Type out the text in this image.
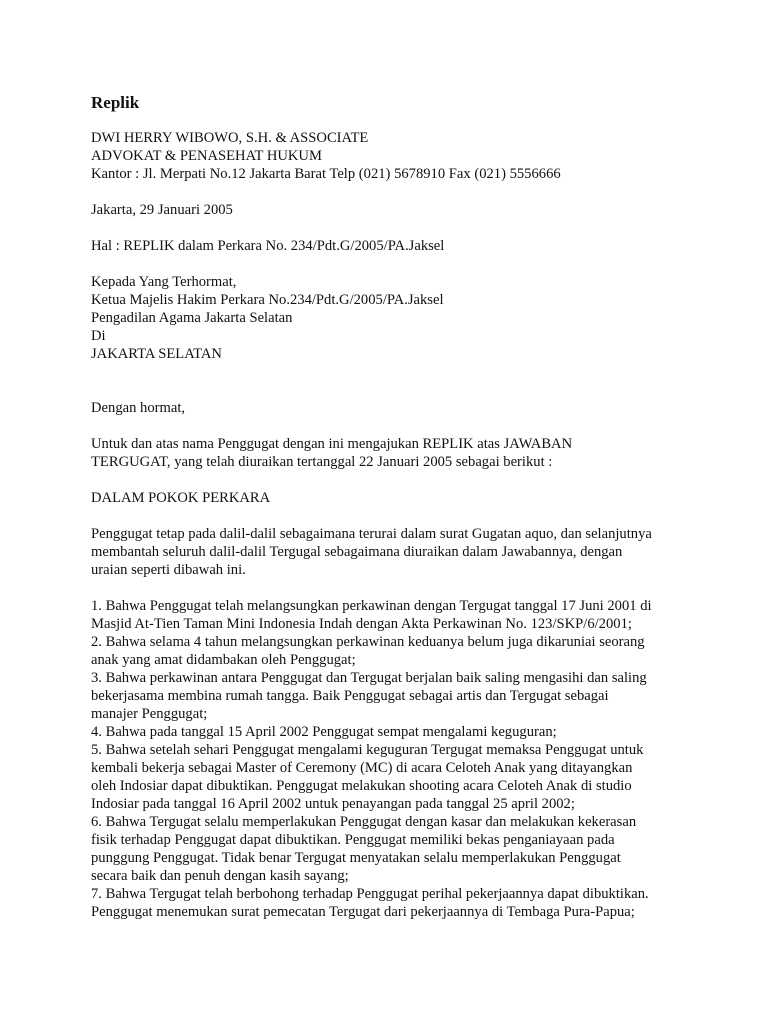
Replik
DWI HERRY WIBOWO, S.H. & ASSOCIATE
ADVOKAT & PENASEHAT HUKUM
Kantor : Jl. Merpati No.12 Jakarta Barat Telp (021) 5678910 Fax (021) 5556666
Jakarta, 29 Januari 2005
Hal : REPLIK dalam Perkara No. 234/Pdt.G/2005/PA.Jaksel
Kepada Yang Terhormat,
Ketua Majelis Hakim Perkara No.234/Pdt.G/2005/PA.Jaksel
Pengadilan Agama Jakarta Selatan
Di
JAKARTA SELATAN
Dengan hormat,
Untuk dan atas nama Penggugat dengan ini mengajukan REPLIK atas JAWABAN
TERGUGAT, yang telah diuraikan tertanggal 22 Januari 2005 sebagai berikut :
DALAM POKOK PERKARA
Penggugat tetap pada dalil-dalil sebagaimana terurai dalam surat Gugatan aquo, dan selanjutnya
membantah seluruh dalil-dalil Tergugal sebagaimana diuraikan dalam Jawabannya, dengan
uraian seperti dibawah ini.
1. Bahwa Penggugat telah melangsungkan perkawinan dengan Tergugat tanggal 17 Juni 2001 di
Masjid At-Tien Taman Mini Indonesia Indah dengan Akta Perkawinan No. 123/SKP/6/2001;
2. Bahwa selama 4 tahun melangsungkan perkawinan keduanya belum juga dikaruniai seorang
anak yang amat didambakan oleh Penggugat;
3. Bahwa perkawinan antara Penggugat dan Tergugat berjalan baik saling mengasihi dan saling
bekerjasama membina rumah tangga. Baik Penggugat sebagai artis dan Tergugat sebagai
manajer Penggugat;
4. Bahwa pada tanggal 15 April 2002 Penggugat sempat mengalami keguguran;
5. Bahwa setelah sehari Penggugat mengalami keguguran Tergugat memaksa Penggugat untuk
kembali bekerja sebagai Master of Ceremony (MC) di acara Celoteh Anak yang ditayangkan
oleh Indosiar dapat dibuktikan. Penggugat melakukan shooting acara Celoteh Anak di studio
Indosiar pada tanggal 16 April 2002 untuk penayangan pada tanggal 25 april 2002;
6. Bahwa Tergugat selalu memperlakukan Penggugat dengan kasar dan melakukan kekerasan
fisik terhadap Penggugat dapat dibuktikan. Penggugat memiliki bekas penganiayaan pada
punggung Penggugat. Tidak benar Tergugat menyatakan selalu memperlakukan Penggugat
secara baik dan penuh dengan kasih sayang;
7. Bahwa Tergugat telah berbohong terhadap Penggugat perihal pekerjaannya dapat dibuktikan.
Penggugat menemukan surat pemecatan Tergugat dari pekerjaannya di Tembaga Pura-Papua;
